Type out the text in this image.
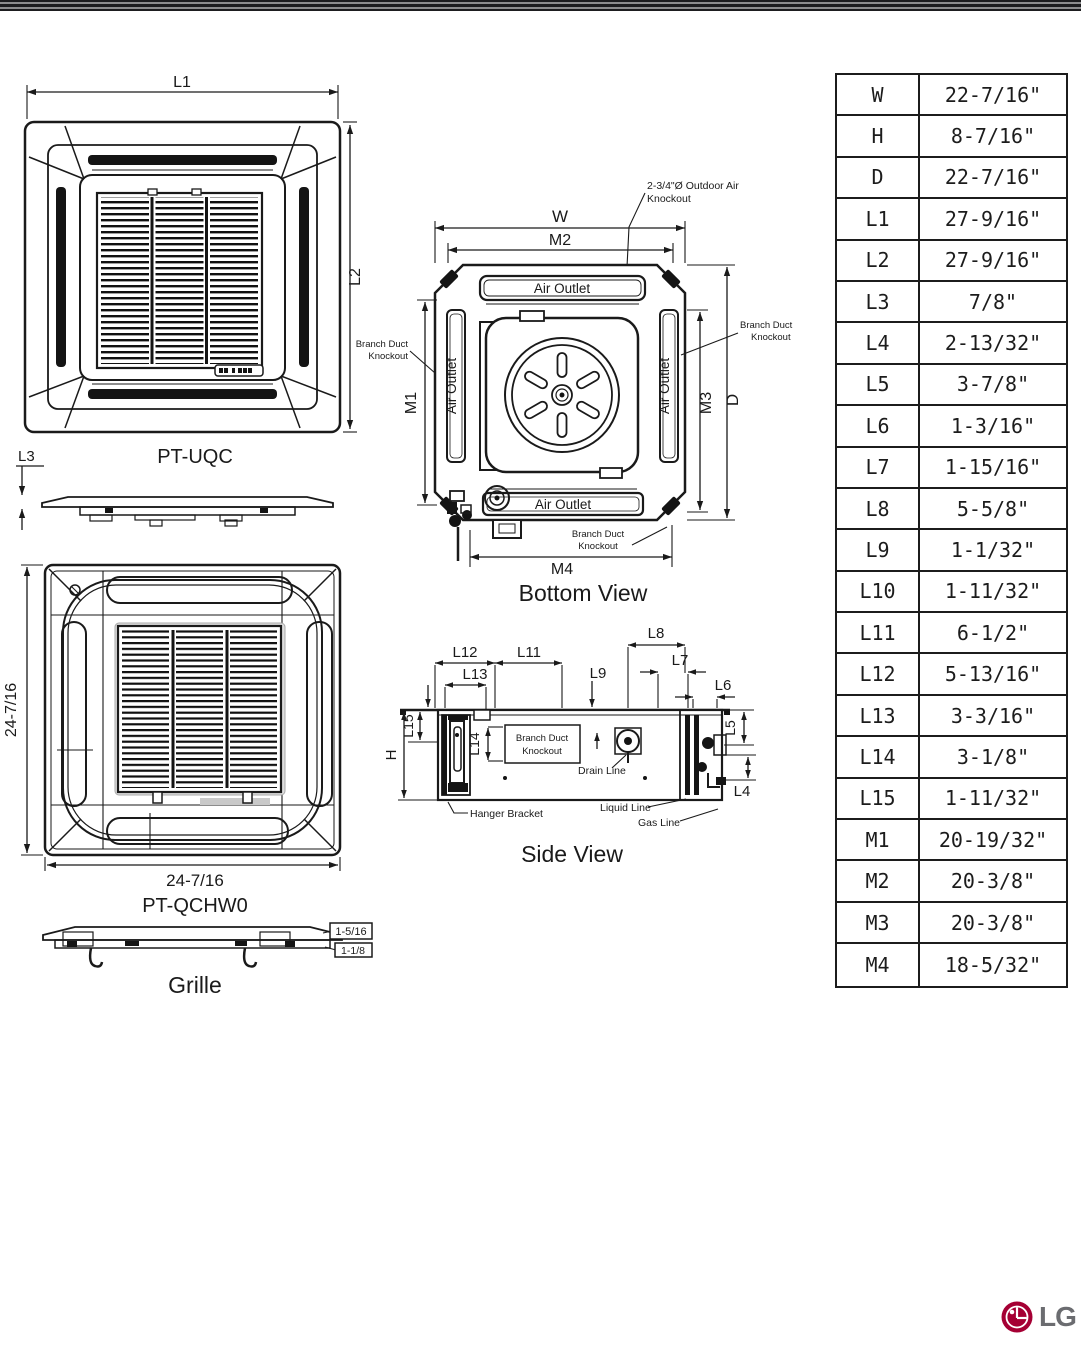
L1
L2
PT-UQC
L3
24-7/16
24-7/16
PT-QCHW0
1-5/16
1-1/8
Grille
2-3/4"Ø Outdoor Air
Knockout
W
M2
Air Outlet
Air Outlet	Air Outlet
Air Outlet
M1
Branch Duct
Knockout
M3 D
Branch Duct
Knockout
Branch Duct
Knockout
M4
Bottom View
Branch Duct
Knockout
L12	L11
L13	L9
L8
L7
L6
L15
H	L14
L5
L4
Hanger Bracket	Liquid Line
Gas Line
Drain Line
Side View
W	22-7/16"
H	8-7/16"
D	22-7/16"
L1	27-9/16"
L2	27-9/16"
L3	7/8"
L4	2-13/32"
L5	3-7/8"
L6	1-3/16"
L7	1-15/16"
L8	5-5/8"
L9	1-1/32"
L10	1-11/32"
L11	6-1/2"
L12	5-13/16"
L13	3-3/16"
L14	3-1/8"
L15	1-11/32"
M1	20-19/32"
M2	20-3/8"
M3	20-3/8"
M4	18-5/32"
LG
